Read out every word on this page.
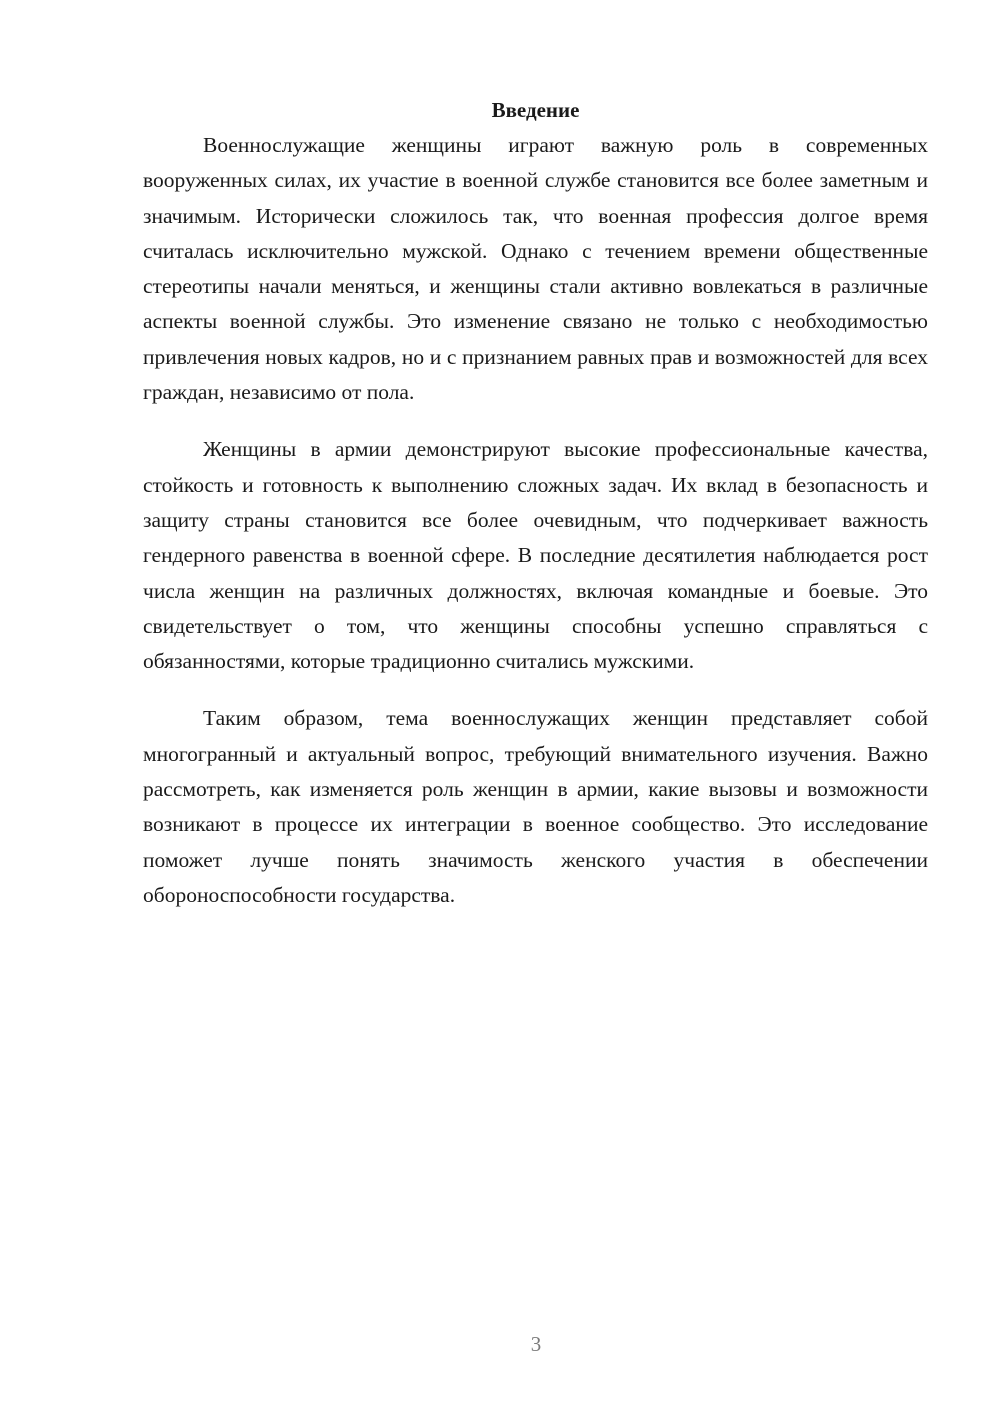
Введение

Военнослужащие женщины играют важную роль в современных вооруженных силах, их участие в военной службе становится все более заметным и значимым. Исторически сложилось так, что военная профессия долгое время считалась исключительно мужской. Однако с течением времени общественные стереотипы начали меняться, и женщины стали активно вовлекаться в различные аспекты военной службы. Это изменение связано не только с необходимостью привлечения новых кадров, но и с признанием равных прав и возможностей для всех граждан, независимо от пола.

Женщины в армии демонстрируют высокие профессиональные качества, стойкость и готовность к выполнению сложных задач. Их вклад в безопасность и защиту страны становится все более очевидным, что подчеркивает важность гендерного равенства в военной сфере. В последние десятилетия наблюдается рост числа женщин на различных должностях, включая командные и боевые. Это свидетельствует о том, что женщины способны успешно справляться с обязанностями, которые традиционно считались мужскими.

Таким образом, тема военнослужащих женщин представляет собой многогранный и актуальный вопрос, требующий внимательного изучения. Важно рассмотреть, как изменяется роль женщин в армии, какие вызовы и возможности возникают в процессе их интеграции в военное сообщество. Это исследование поможет лучше понять значимость женского участия в обеспечении обороноспособности государства.

3
